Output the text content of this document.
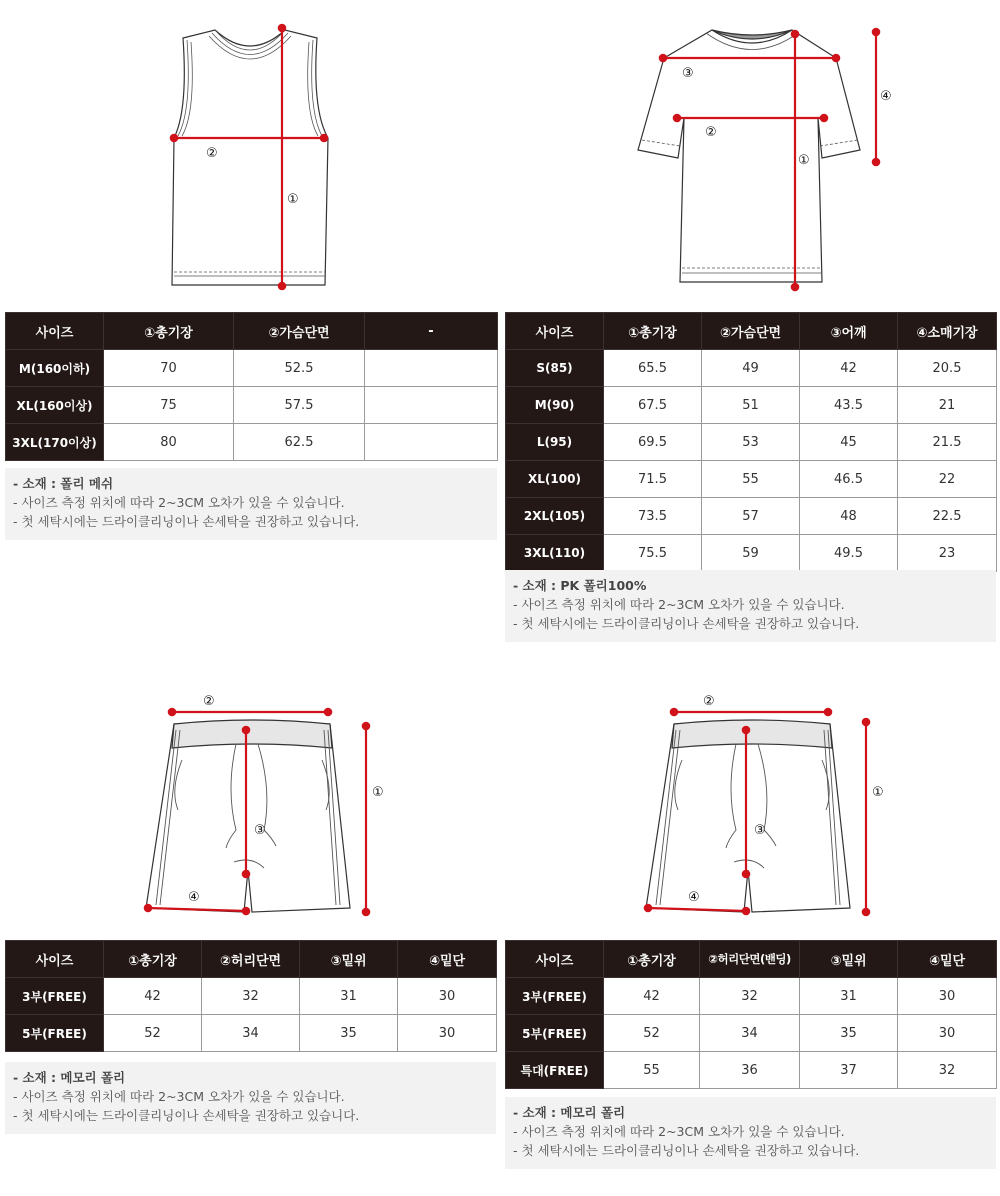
①
②	①
②
③
④
①
②
③
④
①
②
③
④
사이즈	①총기장	②가슴단면	-
M(160이하)	70	52.5	
XL(160이상)	75	57.5	
3XL(170이상)	80	62.5	
- 소재 : 폴리 메쉬
- 사이즈 측정 위치에 따라 2~3CM 오차가 있을 수 있습니다.
- 첫 세탁시에는 드라이클리닝이나 손세탁을 권장하고 있습니다.
사이즈	①총기장	②가슴단면	③어깨	④소매기장
S(85)	65.5	49	42	20.5
M(90)	67.5	51	43.5	21
L(95)	69.5	53	45	21.5
XL(100)	71.5	55	46.5	22
2XL(105)	73.5	57	48	22.5
3XL(110)	75.5	59	49.5	23
- 소재 : PK 폴리100%
- 사이즈 측정 위치에 따라 2~3CM 오차가 있을 수 있습니다.
- 첫 세탁시에는 드라이클리닝이나 손세탁을 권장하고 있습니다.
사이즈	①총기장	②허리단면	③밑위	④밑단
3부(FREE)	42	32	31	30
5부(FREE)	52	34	35	30
- 소재 : 메모리 폴리
- 사이즈 측정 위치에 따라 2~3CM 오차가 있을 수 있습니다.
- 첫 세탁시에는 드라이클리닝이나 손세탁을 권장하고 있습니다.
사이즈	①총기장	②허리단면(밴딩)	③밑위	④밑단
3부(FREE)	42	32	31	30
5부(FREE)	52	34	35	30
특대(FREE)	55	36	37	32
- 소재 : 메모리 폴리
- 사이즈 측정 위치에 따라 2~3CM 오차가 있을 수 있습니다.
- 첫 세탁시에는 드라이클리닝이나 손세탁을 권장하고 있습니다.
